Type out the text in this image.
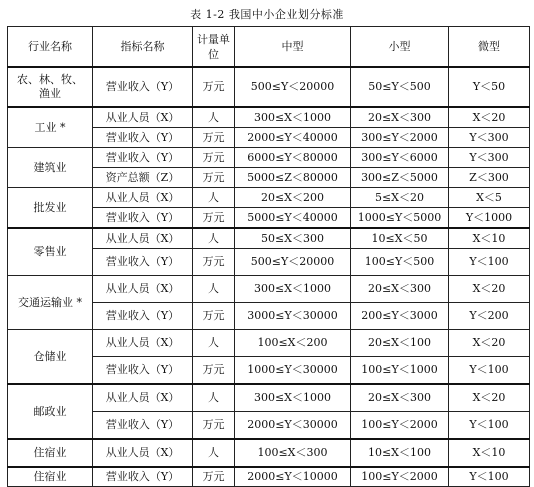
表 1-2 我国中小企业划分标准
行业名称	指标名称	计量单位	中型	小型	微型
农、林、牧、渔业	营业收入（Y）	万元	500≤Y＜20000	50≤Y＜500	Y＜50
工业 *	从业人员（X）	人	300≤X＜1000	20≤X＜300	X＜20
	营业收入（Y）	万元	2000≤Y＜40000	300≤Y＜2000	Y＜300
建筑业	营业收入（Y）	万元	6000≤Y＜80000	300≤Y＜6000	Y＜300
	资产总额（Z）	万元	5000≤Z＜80000	300≤Z＜5000	Z＜300
批发业	从业人员（X）	人	20≤X＜200	5≤X＜20	X＜5
	营业收入（Y）	万元	5000≤Y＜40000	1000≤Y＜5000	Y＜1000
零售业	从业人员（X）	人	50≤X＜300	10≤X＜50	X＜10
	营业收入（Y）	万元	500≤Y＜20000	100≤Y＜500	Y＜100
交通运输业 *	从业人员（X）	人	300≤X＜1000	20≤X＜300	X＜20
	营业收入（Y）	万元	3000≤Y＜30000	200≤Y＜3000	Y＜200
仓储业	从业人员（X）	人	100≤X＜200	20≤X＜100	X＜20
	营业收入（Y）	万元	1000≤Y＜30000	100≤Y＜1000	Y＜100
邮政业	从业人员（X）	人	300≤X＜1000	20≤X＜300	X＜20
	营业收入（Y）	万元	2000≤Y＜30000	100≤Y＜2000	Y＜100
住宿业	从业人员（X）	人	100≤X＜300	10≤X＜100	X＜10
住宿业	营业收入（Y）	万元	2000≤Y＜10000	100≤Y＜2000	Y＜100
